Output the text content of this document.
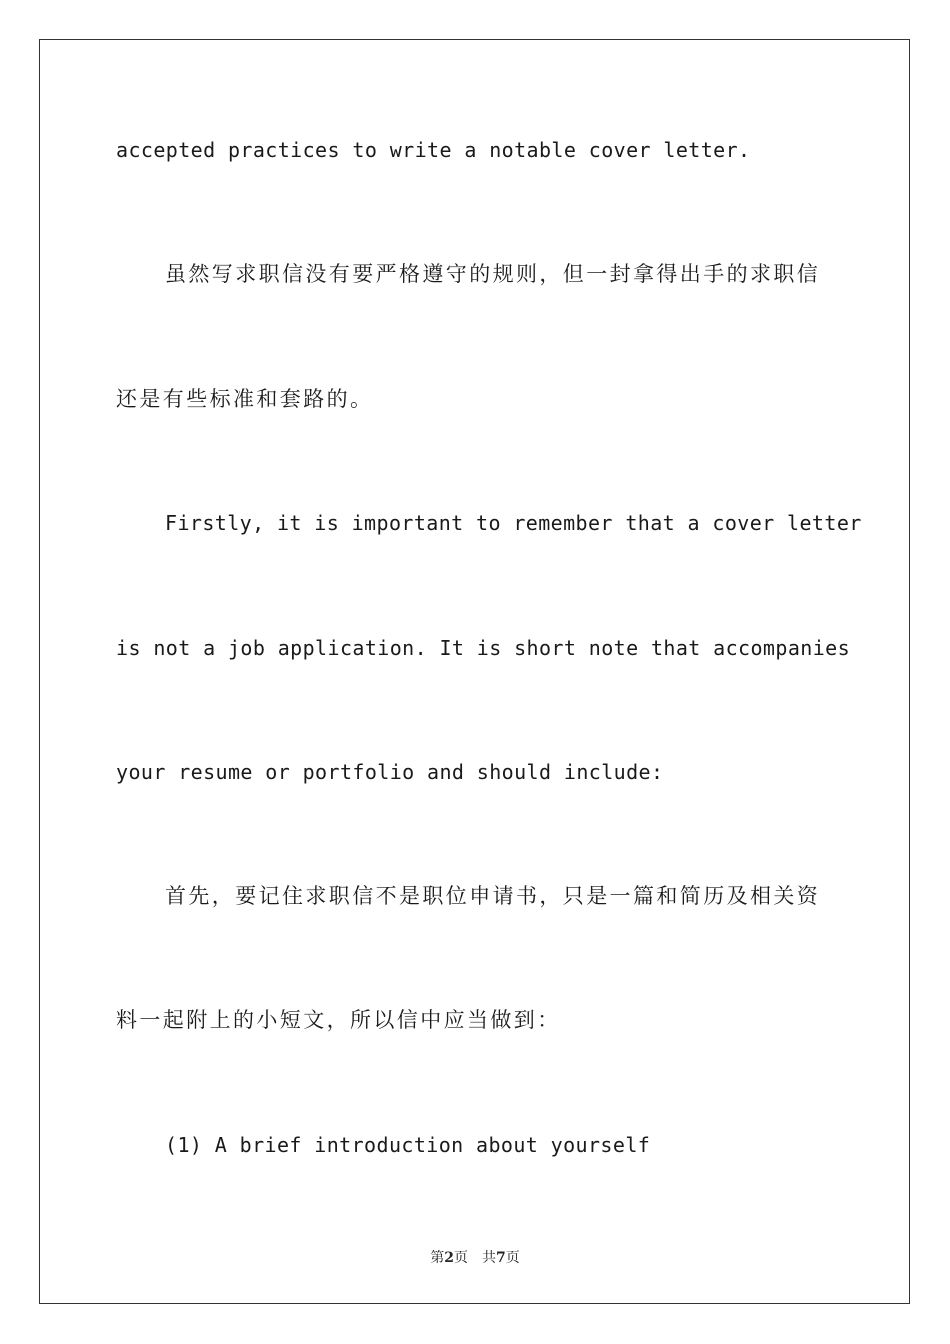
accepted practices to write a notable cover letter.
虽然写求职信没有要严格遵守的规则，但一封拿得出手的求职信
还是有些标准和套路的。
Firstly, it is important to remember that a cover letter
is not a job application. It is short note that accompanies
your resume or portfolio and should include:
首先，要记住求职信不是职位申请书，只是一篇和简历及相关资
料一起附上的小短文，所以信中应当做到：
(1) A brief introduction about yourself
第2页 共7页
